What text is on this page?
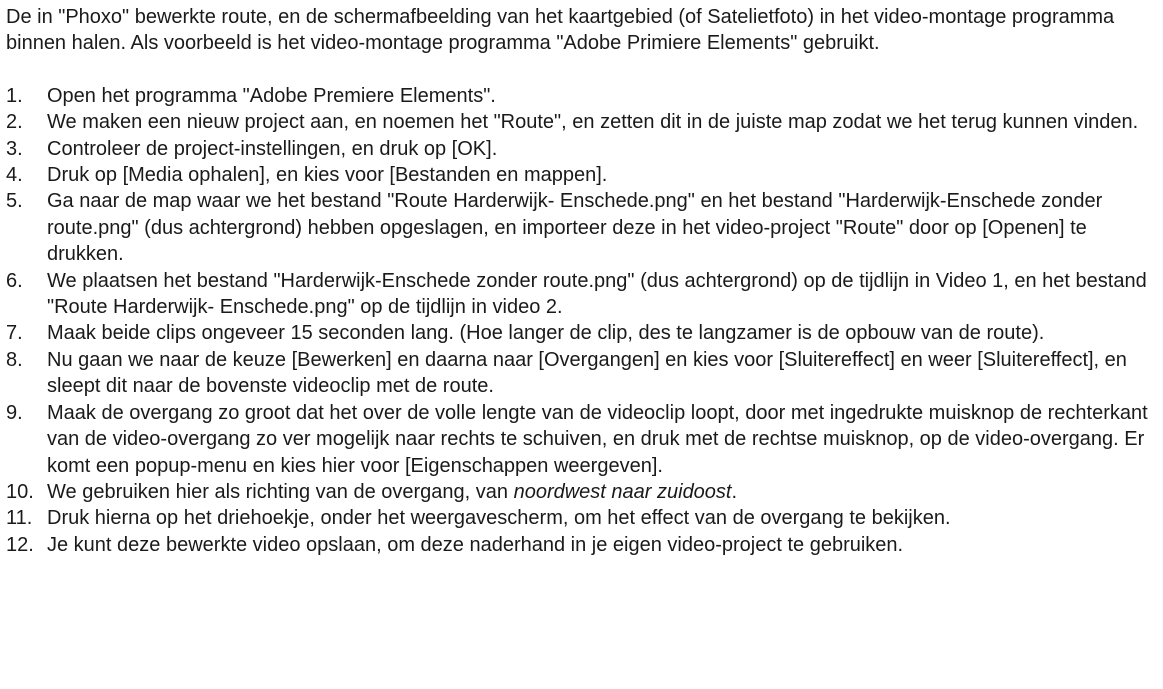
De in "Phoxo" bewerkte route, en de schermafbeelding van het kaartgebied (of Satelietfoto) in het video-montage programma binnen halen. Als voorbeeld is het video-montage programma "Adobe Primiere Elements" gebruikt.

1.	Open het programma "Adobe Premiere Elements".
2.	We maken een nieuw project aan, en noemen het "Route", en zetten dit in de juiste map zodat we het terug kunnen vinden.
3.	Controleer de project-instellingen, en druk op [OK].
4.	Druk op [Media ophalen], en kies voor [Bestanden en mappen].
5.	Ga naar de map waar we het bestand "Route Harderwijk- Enschede.png" en het bestand "Harderwijk-Enschede zonder route.png" (dus achtergrond) hebben opgeslagen, en importeer deze in het video-project "Route" door op [Openen] te drukken.
6.	We plaatsen het bestand "Harderwijk-Enschede zonder route.png" (dus achtergrond) op de tijdlijn in Video 1, en het bestand "Route Harderwijk- Enschede.png" op de tijdlijn in video 2.
7.	Maak beide clips ongeveer 15 seconden lang. (Hoe langer de clip, des te langzamer is de opbouw van de route).
8.	Nu gaan we naar de keuze [Bewerken] en daarna naar [Overgangen] en kies voor [Sluitereffect] en weer [Sluitereffect], en sleept dit naar de bovenste videoclip met de route.
9.	Maak de overgang zo groot dat het over de volle lengte van de videoclip loopt, door met ingedrukte muisknop de rechterkant van de video-overgang zo ver mogelijk naar rechts te schuiven, en druk met de rechtse muisknop, op de video-overgang. Er komt een popup-menu en kies hier voor [Eigenschappen weergeven].
10. We gebruiken hier als richting van de overgang, van noordwest naar zuidoost.
11. Druk hierna op het driehoekje, onder het weergavescherm, om het effect van de overgang te bekijken.
12. Je kunt deze bewerkte video opslaan, om deze naderhand in je eigen video-project te gebruiken.
